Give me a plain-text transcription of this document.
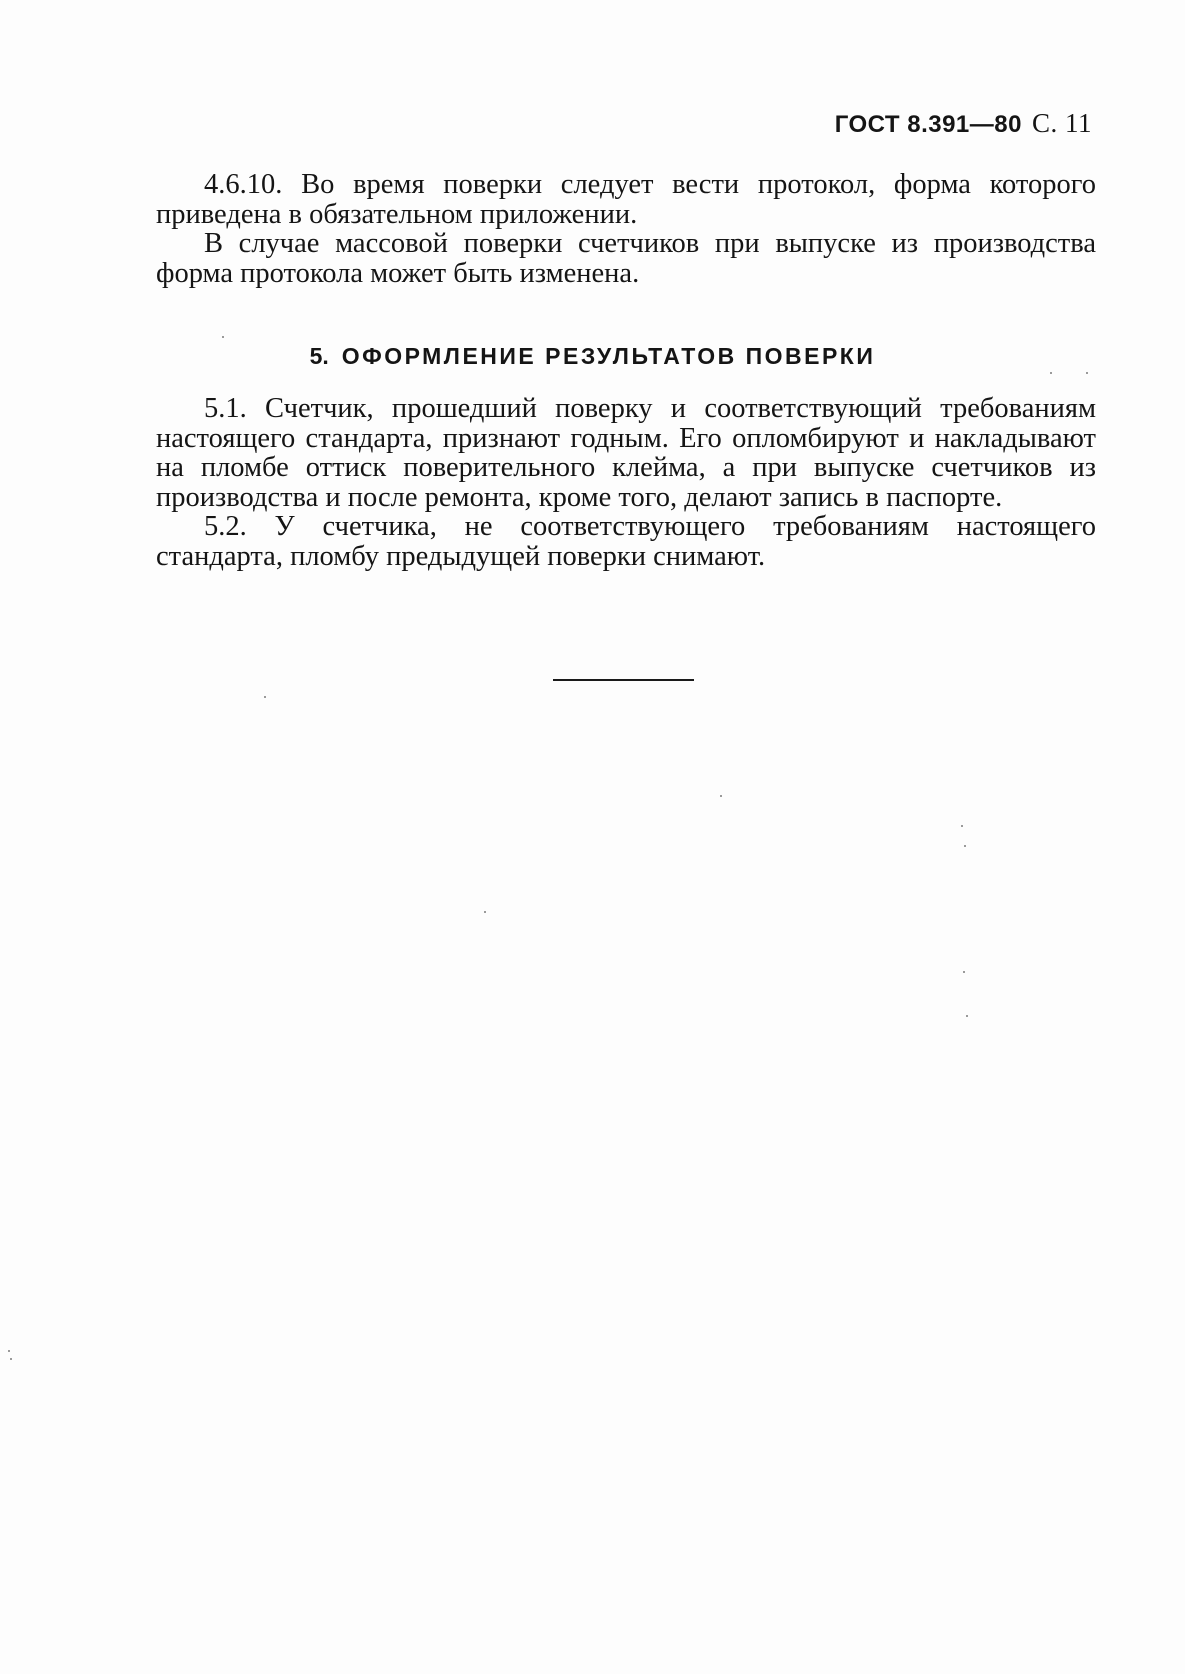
ГОСТ 8.391—80 С. 11

4.6.10. Во время поверки следует вести протокол, форма которого приведена в обязательном приложении.

В случае массовой поверки счетчиков при выпуске из производства форма протокола может быть изменена.

5. ОФОРМЛЕНИЕ РЕЗУЛЬТАТОВ ПОВЕРКИ

5.1. Счетчик, прошедший поверку и соответствующий требованиям настоящего стандарта, признают годным. Его опломбируют и накладывают на пломбе оттиск поверительного клейма, а при выпуске счетчиков из производства и после ремонта, кроме того, делают запись в паспорте.

5.2. У счетчика, не соответствующего требованиям настоящего стандарта, пломбу предыдущей поверки снимают.
